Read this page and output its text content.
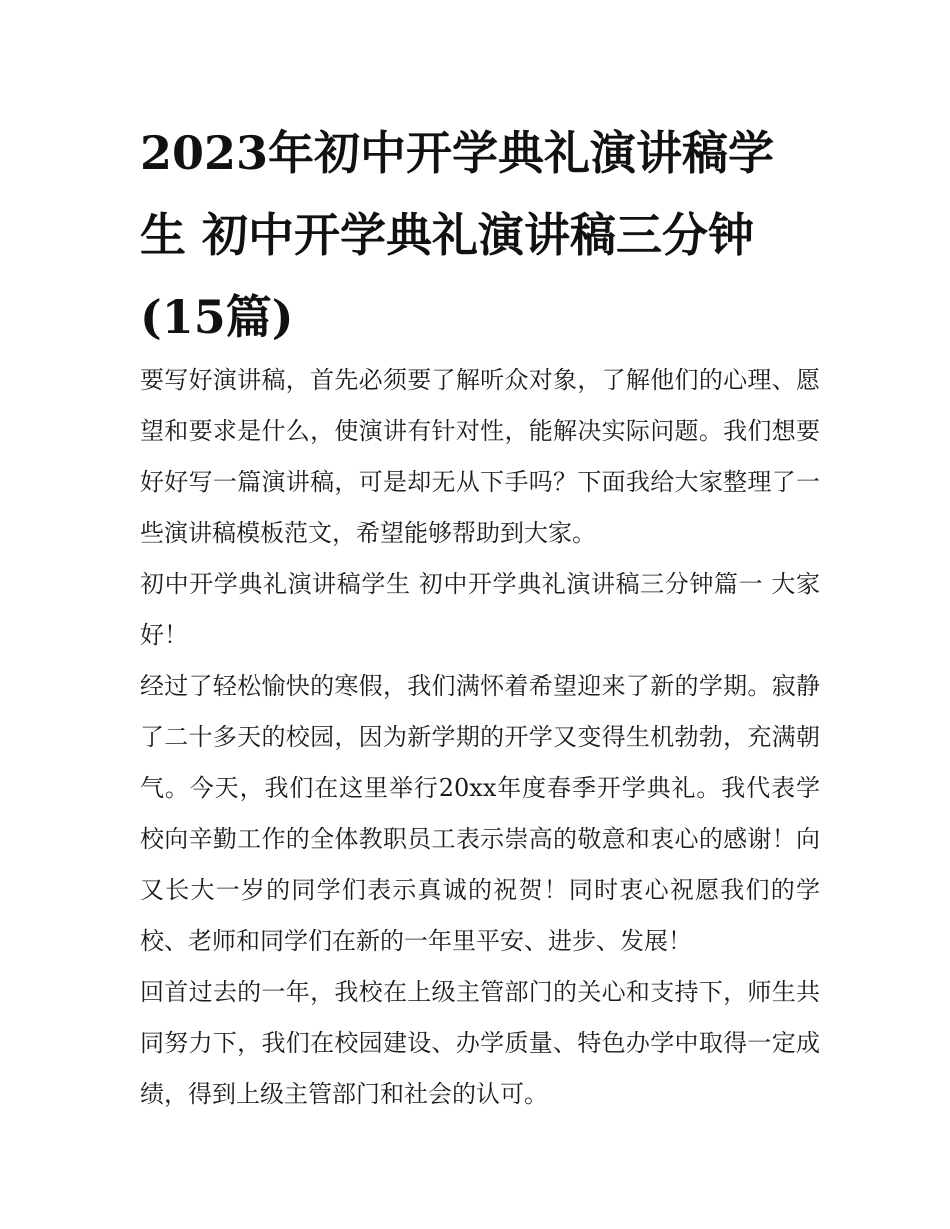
2023年初中开学典礼演讲稿学生 初中开学典礼演讲稿三分钟(15篇)

要写好演讲稿，首先必须要了解听众对象，了解他们的心理、愿望和要求是什么，使演讲有针对性，能解决实际问题。我们想要好好写一篇演讲稿，可是却无从下手吗？下面我给大家整理了一些演讲稿模板范文，希望能够帮助到大家。

初中开学典礼演讲稿学生 初中开学典礼演讲稿三分钟篇一 大家好！

经过了轻松愉快的寒假，我们满怀着希望迎来了新的学期。寂静了二十多天的校园，因为新学期的开学又变得生机勃勃，充满朝气。今天，我们在这里举行20xx年度春季开学典礼。我代表学校向辛勤工作的全体教职员工表示崇高的敬意和衷心的感谢！向又长大一岁的同学们表示真诚的祝贺！同时衷心祝愿我们的学校、老师和同学们在新的一年里平安、进步、发展！

回首过去的一年，我校在上级主管部门的关心和支持下，师生共同努力下，我们在校园建设、办学质量、特色办学中取得一定成绩，得到上级主管部门和社会的认可。
